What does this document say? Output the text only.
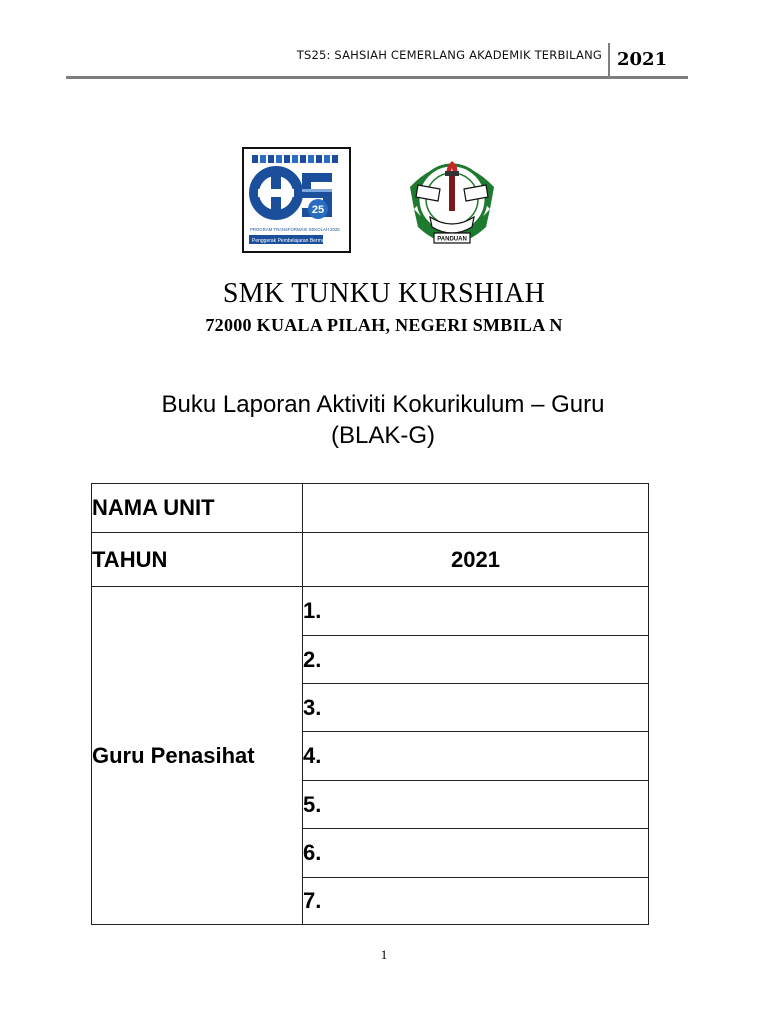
TS25: SAHSIAH CEMERLANG AKADEMIK TERBILANG 2021
25
PROGRAM TRANSFORMASI SEKOLAH 2025
Penggerak Pembelajaran Bermakna	PANDUAN
SMK TUNKU KURSHIAH
72000 KUALA PILAH, NEGERI SMBILA N
Buku Laporan Aktiviti Kokurikulum – Guru
(BLAK-G)
NAMA UNIT	
TAHUN	2021
Guru Penasihat	1.
	2.
	3.
	4.
	5.
	6.
	7.
1
